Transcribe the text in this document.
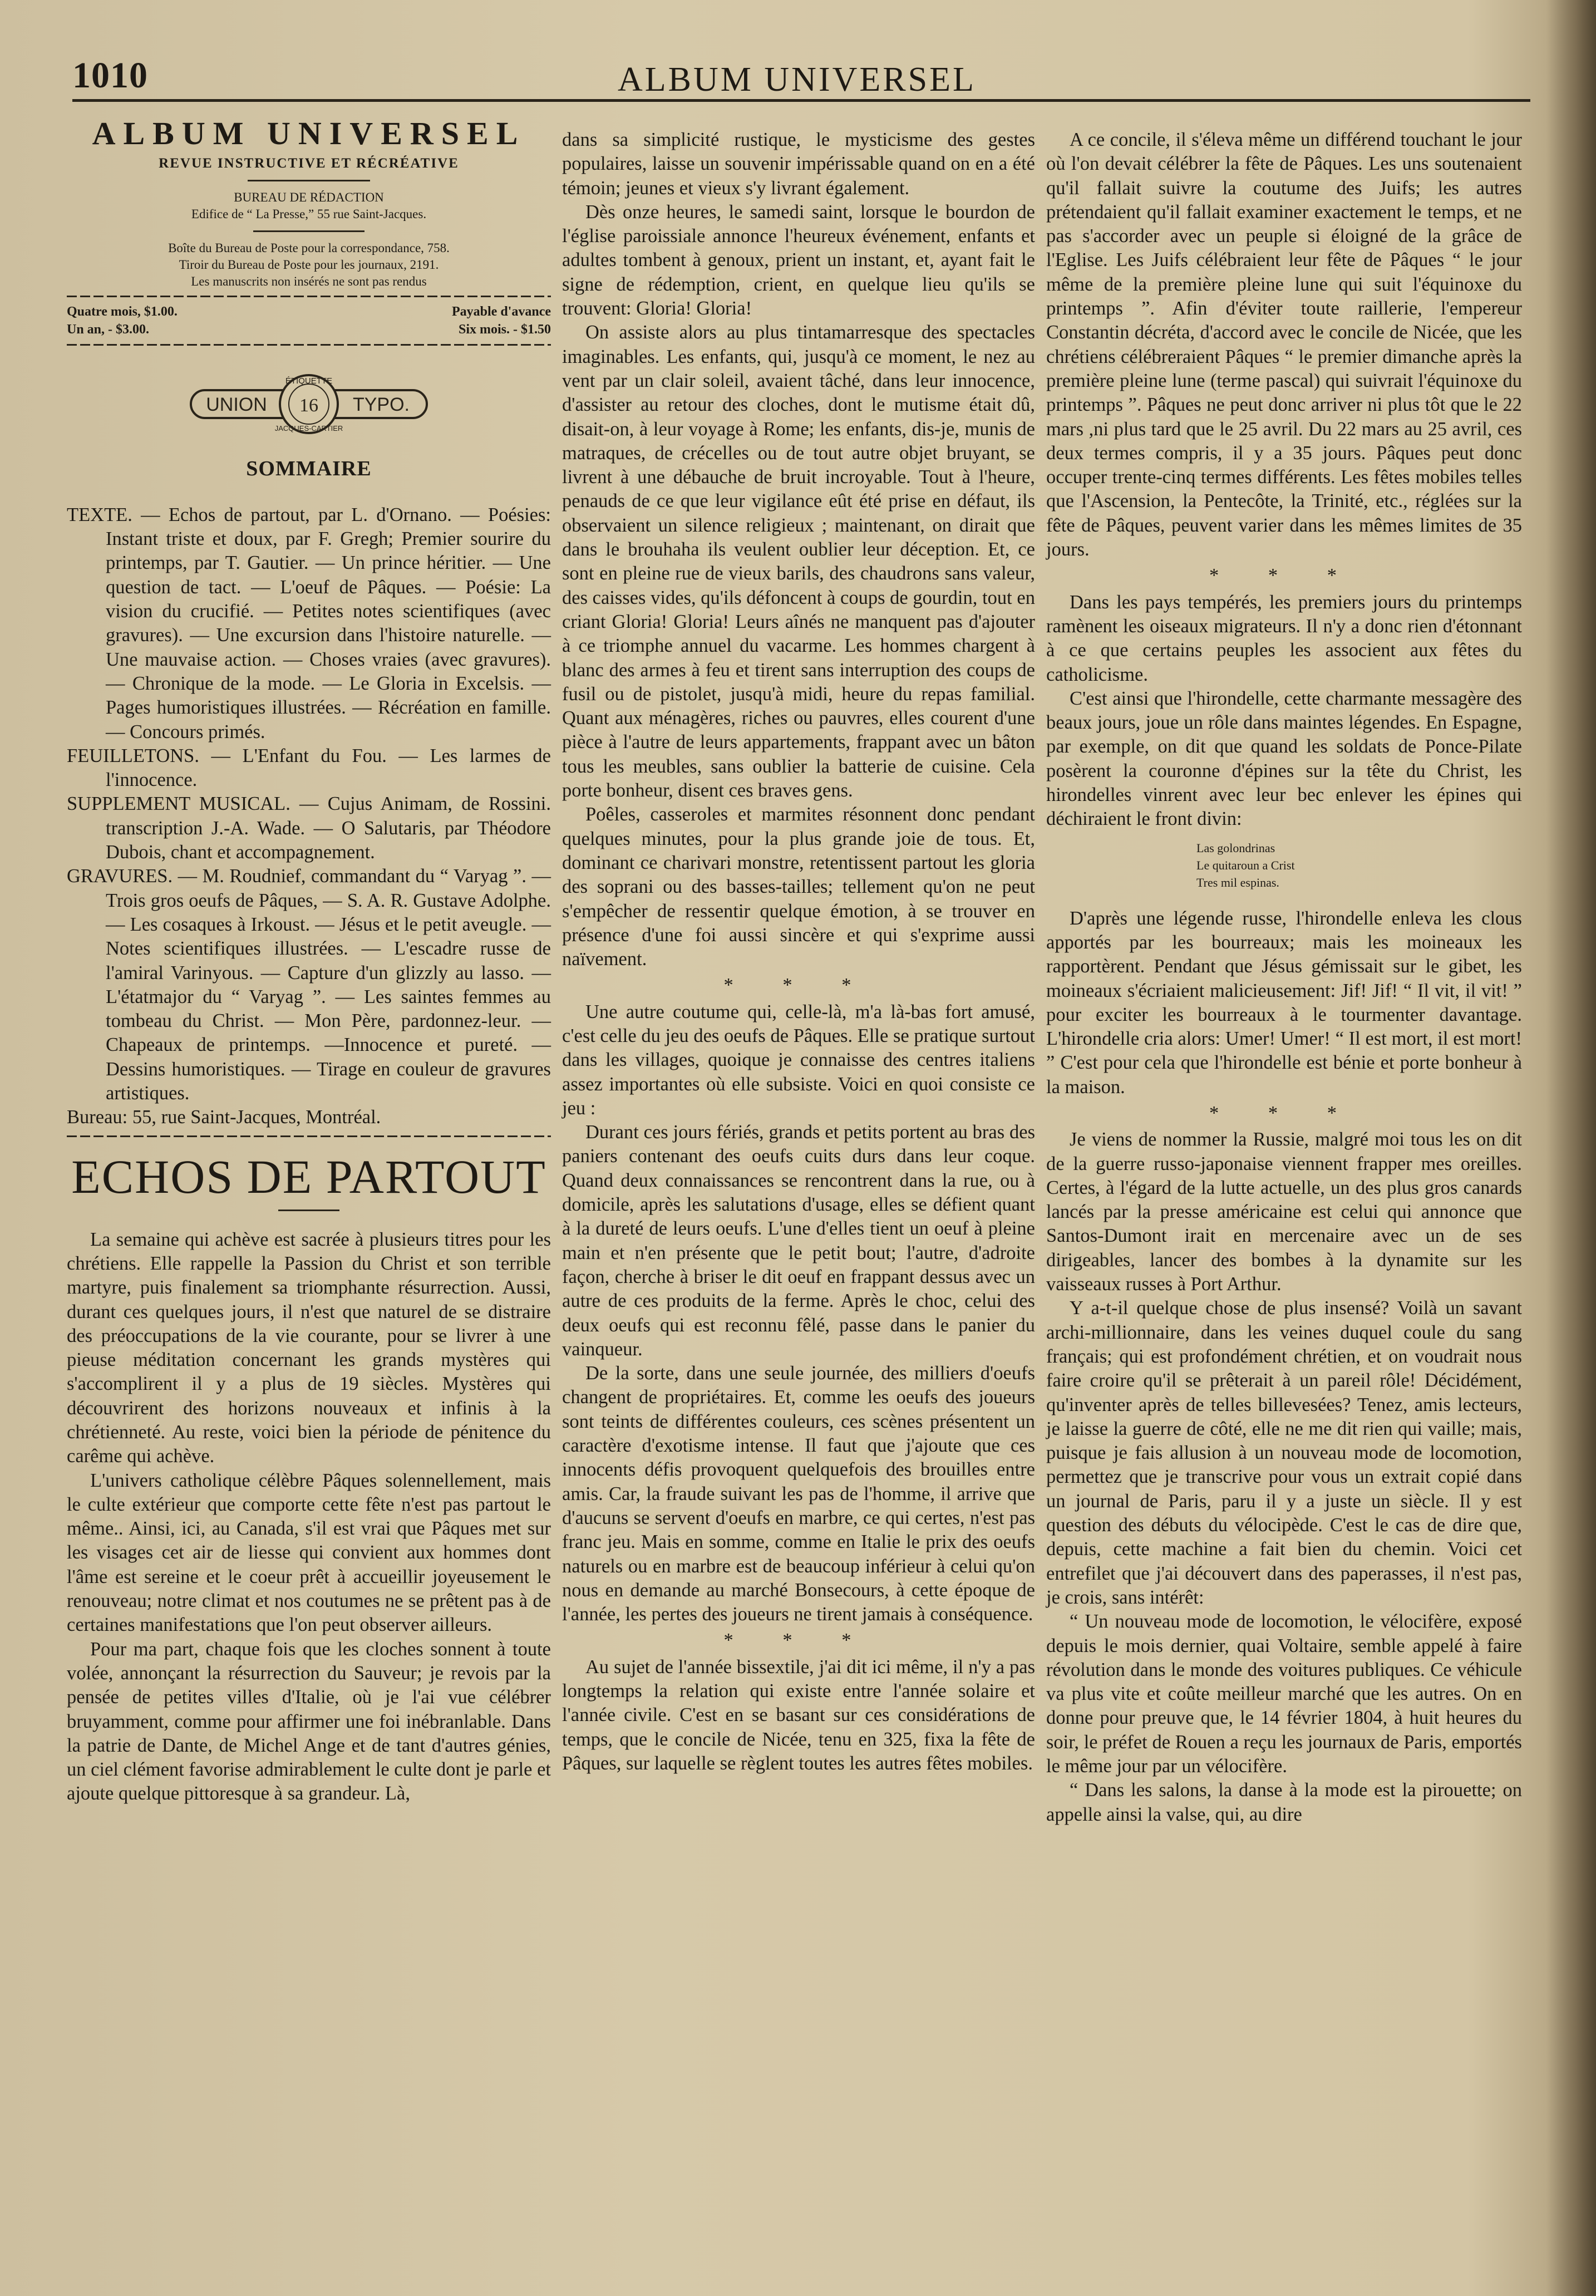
1010	ALBUM UNIVERSEL
ALBUM UNIVERSEL
REVUE INSTRUCTIVE ET RÉCRÉATIVE
BUREAU DE RÉDACTION
Edifice de “ La Presse,” 55 rue Saint-Jacques.
Boîte du Bureau de Poste pour la correspondance, 758.
Tiroir du Bureau de Poste pour les journaux, 2191.
Les manuscrits non insérés ne sont pas rendus
Quatre mois, $1.00.	Payable d'avance
Un an, - $3.00.	Six mois. - $1.50
ÉTIQUETTE
UNION 16 TYPO.
JACQUES-CARTIER
SOMMAIRE

TEXTE. — Echos de partout, par L. d'Ornano. — Poésies: Instant triste et doux, par F. Gregh; Premier sourire du printemps, par T. Gautier. — Un prince héritier. — Une question de tact. — L'oeuf de Pâques. — Poésie: La vision du crucifié. — Petites notes scientifiques (avec gravures). — Une excursion dans l'histoire naturelle. — Une mauvaise action. — Choses vraies (avec gravures). — Chronique de la mode. — Le Gloria in Excelsis. — Pages humoristiques illustrées. — Récréation en famille. — Concours primés.

FEUILLETONS. — L'Enfant du Fou. — Les larmes de l'innocence.

SUPPLEMENT MUSICAL. — Cujus Animam, de Rossini. transcription J.-A. Wade. — O Salutaris, par Théodore Dubois, chant et accompagnement.

GRAVURES. — M. Roudnief, commandant du “ Varyag ”. — Trois gros oeufs de Pâques, — S. A. R. Gustave Adolphe. — Les cosaques à Irkoust. — Jésus et le petit aveugle. — Notes scientifiques illustrées. — L'escadre russe de l'amiral Varinyous. — Capture d'un glizzly au lasso. — L'étatmajor du “ Varyag ”. — Les saintes femmes au tombeau du Christ. — Mon Père, pardonnez-leur. — Chapeaux de printemps. —Innocence et pureté. — Dessins humoristiques. — Tirage en couleur de gravures artistiques.

Bureau: 55, rue Saint-Jacques, Montréal.

ECHOS DE PARTOUT

La semaine qui achève est sacrée à plusieurs titres pour les chrétiens. Elle rappelle la Passion du Christ et son terrible martyre, puis finalement sa triomphante résurrection. Aussi, durant ces quelques jours, il n'est que naturel de se distraire des préoccupations de la vie courante, pour se livrer à une pieuse méditation concernant les grands mystères qui s'accomplirent il y a plus de 19 siècles. Mystères qui découvrirent des horizons nouveaux et infinis à la chrétienneté. Au reste, voici bien la période de pénitence du carême qui achève.

L'univers catholique célèbre Pâques solennellement, mais le culte extérieur que comporte cette fête n'est pas partout le même.. Ainsi, ici, au Canada, s'il est vrai que Pâques met sur les visages cet air de liesse qui convient aux hommes dont l'âme est sereine et le coeur prêt à accueillir joyeusement le renouveau; notre climat et nos coutumes ne se prêtent pas à de certaines manifestations que l'on peut observer ailleurs.

Pour ma part, chaque fois que les cloches sonnent à toute volée, annonçant la résurrection du Sauveur; je revois par la pensée de petites villes d'Italie, où je l'ai vue célébrer bruyamment, comme pour affirmer une foi inébranlable. Dans la patrie de Dante, de Michel Ange et de tant d'autres génies, un ciel clément favorise admirablement le culte dont je parle et ajoute quelque pittoresque à sa grandeur. Là,

dans sa simplicité rustique, le mysticisme des gestes populaires, laisse un souvenir impérissable quand on en a été témoin; jeunes et vieux s'y livrant également.

Dès onze heures, le samedi saint, lorsque le bourdon de l'église paroissiale annonce l'heureux événement, enfants et adultes tombent à genoux, prient un instant, et, ayant fait le signe de rédemption, crient, en quelque lieu qu'ils se trouvent: Gloria! Gloria!

On assiste alors au plus tintamarresque des spectacles imaginables. Les enfants, qui, jusqu'à ce moment, le nez au vent par un clair soleil, avaient tâché, dans leur innocence, d'assister au retour des cloches, dont le mutisme était dû, disait-on, à leur voyage à Rome; les enfants, dis-je, munis de matraques, de crécelles ou de tout autre objet bruyant, se livrent à une débauche de bruit incroyable. Tout à l'heure, penauds de ce que leur vigilance eût été prise en défaut, ils observaient un silence religieux ; maintenant, on dirait que dans le brouhaha ils veulent oublier leur déception. Et, ce sont en pleine rue de vieux barils, des chaudrons sans valeur, des caisses vides, qu'ils défoncent à coups de gourdin, tout en criant Gloria! Gloria! Leurs aînés ne manquent pas d'ajouter à ce triomphe annuel du vacarme. Les hommes chargent à blanc des armes à feu et tirent sans interruption des coups de fusil ou de pistolet, jusqu'à midi, heure du repas familial. Quant aux ménagères, riches ou pauvres, elles courent d'une pièce à l'autre de leurs appartements, frappant avec un bâton tous les meubles, sans oublier la batterie de cuisine. Cela porte bonheur, disent ces braves gens.

Poêles, casseroles et marmites résonnent donc pendant quelques minutes, pour la plus grande joie de tous. Et, dominant ce charivari monstre, retentissent partout les gloria des soprani ou des basses-tailles; tellement qu'on ne peut s'empêcher de ressentir quelque émotion, à se trouver en présence d'une foi aussi sincère et qui s'exprime aussi naïvement.

* * *

Une autre coutume qui, celle-là, m'a là-bas fort amusé, c'est celle du jeu des oeufs de Pâques. Elle se pratique surtout dans les villages, quoique je connaisse des centres italiens assez importantes où elle subsiste. Voici en quoi consiste ce jeu :

Durant ces jours fériés, grands et petits portent au bras des paniers contenant des oeufs cuits durs dans leur coque. Quand deux connaissances se rencontrent dans la rue, ou à domicile, après les salutations d'usage, elles se défient quant à la dureté de leurs oeufs. L'une d'elles tient un oeuf à pleine main et n'en présente que le petit bout; l'autre, d'adroite façon, cherche à briser le dit oeuf en frappant dessus avec un autre de ces produits de la ferme. Après le choc, celui des deux oeufs qui est reconnu fêlé, passe dans le panier du vainqueur.

De la sorte, dans une seule journée, des milliers d'oeufs changent de propriétaires. Et, comme les oeufs des joueurs sont teints de différentes couleurs, ces scènes présentent un caractère d'exotisme intense. Il faut que j'ajoute que ces innocents défis provoquent quelquefois des brouilles entre amis. Car, la fraude suivant les pas de l'homme, il arrive que d'aucuns se servent d'oeufs en marbre, ce qui certes, n'est pas franc jeu. Mais en somme, comme en Italie le prix des oeufs naturels ou en marbre est de beaucoup inférieur à celui qu'on nous en demande au marché Bonsecours, à cette époque de l'année, les pertes des joueurs ne tirent jamais à conséquence.

* * *

Au sujet de l'année bissextile, j'ai dit ici même, il n'y a pas longtemps la relation qui existe entre l'année solaire et l'année civile. C'est en se basant sur ces considérations de temps, que le concile de Nicée, tenu en 325, fixa la fête de Pâques, sur laquelle se règlent toutes les autres fêtes mobiles.

A ce concile, il s'éleva même un différend touchant le jour où l'on devait célébrer la fête de Pâques. Les uns soutenaient qu'il fallait suivre la coutume des Juifs; les autres prétendaient qu'il fallait examiner exactement le temps, et ne pas s'accorder avec un peuple si éloigné de la grâce de l'Eglise. Les Juifs célébraient leur fête de Pâques “ le jour même de la première pleine lune qui suit l'équinoxe du printemps ”. Afin d'éviter toute raillerie, l'empereur Constantin décréta, d'accord avec le concile de Nicée, que les chrétiens célébreraient Pâques “ le premier dimanche après la première pleine lune (terme pascal) qui suivrait l'équinoxe du printemps ”. Pâques ne peut donc arriver ni plus tôt que le 22 mars ,ni plus tard que le 25 avril. Du 22 mars au 25 avril, ces deux termes compris, il y a 35 jours. Pâques peut donc occuper trente-cinq termes différents. Les fêtes mobiles telles que l'Ascension, la Pentecôte, la Trinité, etc., réglées sur la fête de Pâques, peuvent varier dans les mêmes limites de 35 jours.

* * *

Dans les pays tempérés, les premiers jours du printemps ramènent les oiseaux migrateurs. Il n'y a donc rien d'étonnant à ce que certains peuples les associent aux fêtes du catholicisme.

C'est ainsi que l'hirondelle, cette charmante messagère des beaux jours, joue un rôle dans maintes légendes. En Espagne, par exemple, on dit que quand les soldats de Ponce-Pilate posèrent la couronne d'épines sur la tête du Christ, les hirondelles vinrent avec leur bec enlever les épines qui déchiraient le front divin:

Las golondrinas
Le quitaroun a Crist
Tres mil espinas.

D'après une légende russe, l'hirondelle enleva les clous apportés par les bourreaux; mais les moineaux les rapportèrent. Pendant que Jésus gémissait sur le gibet, les moineaux s'écriaient malicieusement: Jif! Jif! “ Il vit, il vit! ” pour exciter les bourreaux à le tourmenter davantage. L'hirondelle cria alors: Umer! Umer! “ Il est mort, il est mort! ” C'est pour cela que l'hirondelle est bénie et porte bonheur à la maison.

* * *

Je viens de nommer la Russie, malgré moi tous les on dit de la guerre russo-japonaise viennent frapper mes oreilles. Certes, à l'égard de la lutte actuelle, un des plus gros canards lancés par la presse américaine est celui qui annonce que Santos-Dumont irait en mercenaire avec un de ses dirigeables, lancer des bombes à la dynamite sur les vaisseaux russes à Port Arthur.

Y a-t-il quelque chose de plus insensé? Voilà un savant archi-millionnaire, dans les veines duquel coule du sang français; qui est profondément chrétien, et on voudrait nous faire croire qu'il se prêterait à un pareil rôle! Décidément, qu'inventer après de telles billevesées? Tenez, amis lecteurs, je laisse la guerre de côté, elle ne me dit rien qui vaille; mais, puisque je fais allusion à un nouveau mode de locomotion, permettez que je transcrive pour vous un extrait copié dans un journal de Paris, paru il y a juste un siècle. Il y est question des débuts du vélocipède. C'est le cas de dire que, depuis, cette machine a fait bien du chemin. Voici cet entrefilet que j'ai découvert dans des paperasses, il n'est pas, je crois, sans intérêt:

“ Un nouveau mode de locomotion, le vélocifère, exposé depuis le mois dernier, quai Voltaire, semble appelé à faire révolution dans le monde des voitures publiques. Ce véhicule va plus vite et coûte meilleur marché que les autres. On en donne pour preuve que, le 14 février 1804, à huit heures du soir, le préfet de Rouen a reçu les journaux de Paris, emportés le même jour par un vélocifère.

“ Dans les salons, la danse à la mode est la pirouette; on appelle ainsi la valse, qui, au dire
